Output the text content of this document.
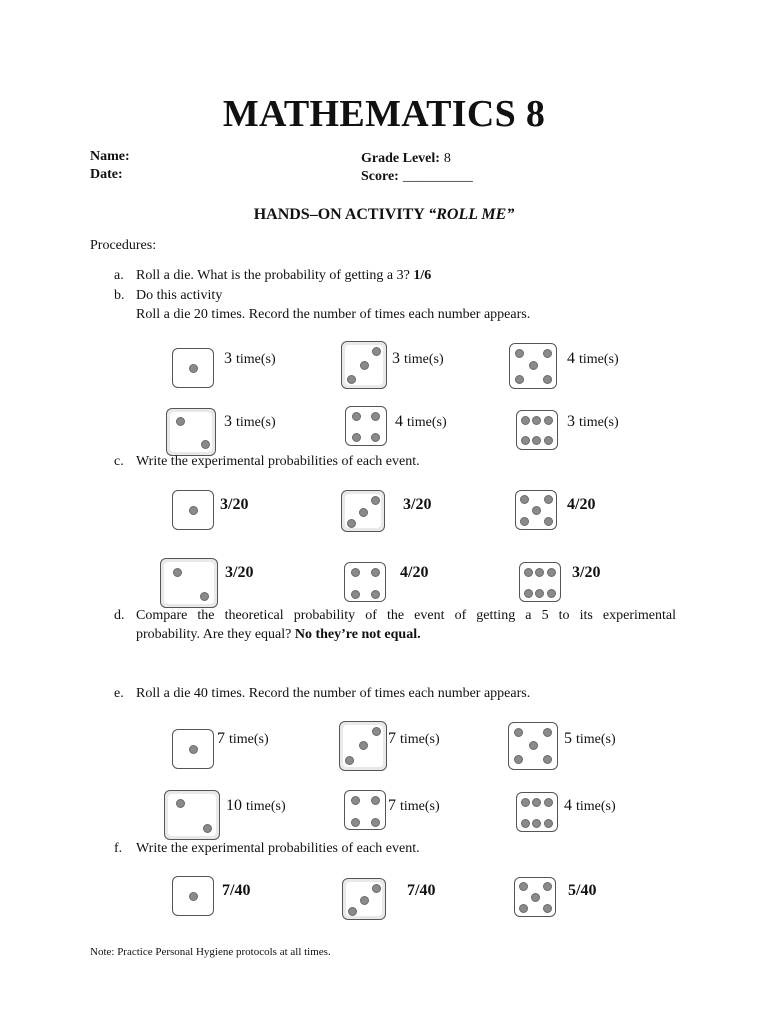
MATHEMATICS 8
Name:
Date:
Grade Level: 8
Score: __________
HANDS–ON ACTIVITY “ROLL ME”
Procedures:
a. Roll a die. What is the probability of getting a 3? 1/6
b. Do this activity
Roll a die 20 times. Record the number of times each number appears.
3 time(s)	3 time(s)	4 time(s)
3 time(s)	4 time(s)	3 time(s)
c. Write the experimental probabilities of each event.
3/20	3/20	4/20
3/20	4/20	3/20
d. Compare the theoretical probability of the event of getting a 5 to its experimental
probability. Are they equal? No they’re not equal.
e. Roll a die 40 times. Record the number of times each number appears.
7 time(s)	7 time(s)	5 time(s)
10 time(s)	7 time(s)	4 time(s)
f. Write the experimental probabilities of each event.
7/40	7/40	5/40
Note: Practice Personal Hygiene protocols at all times.
